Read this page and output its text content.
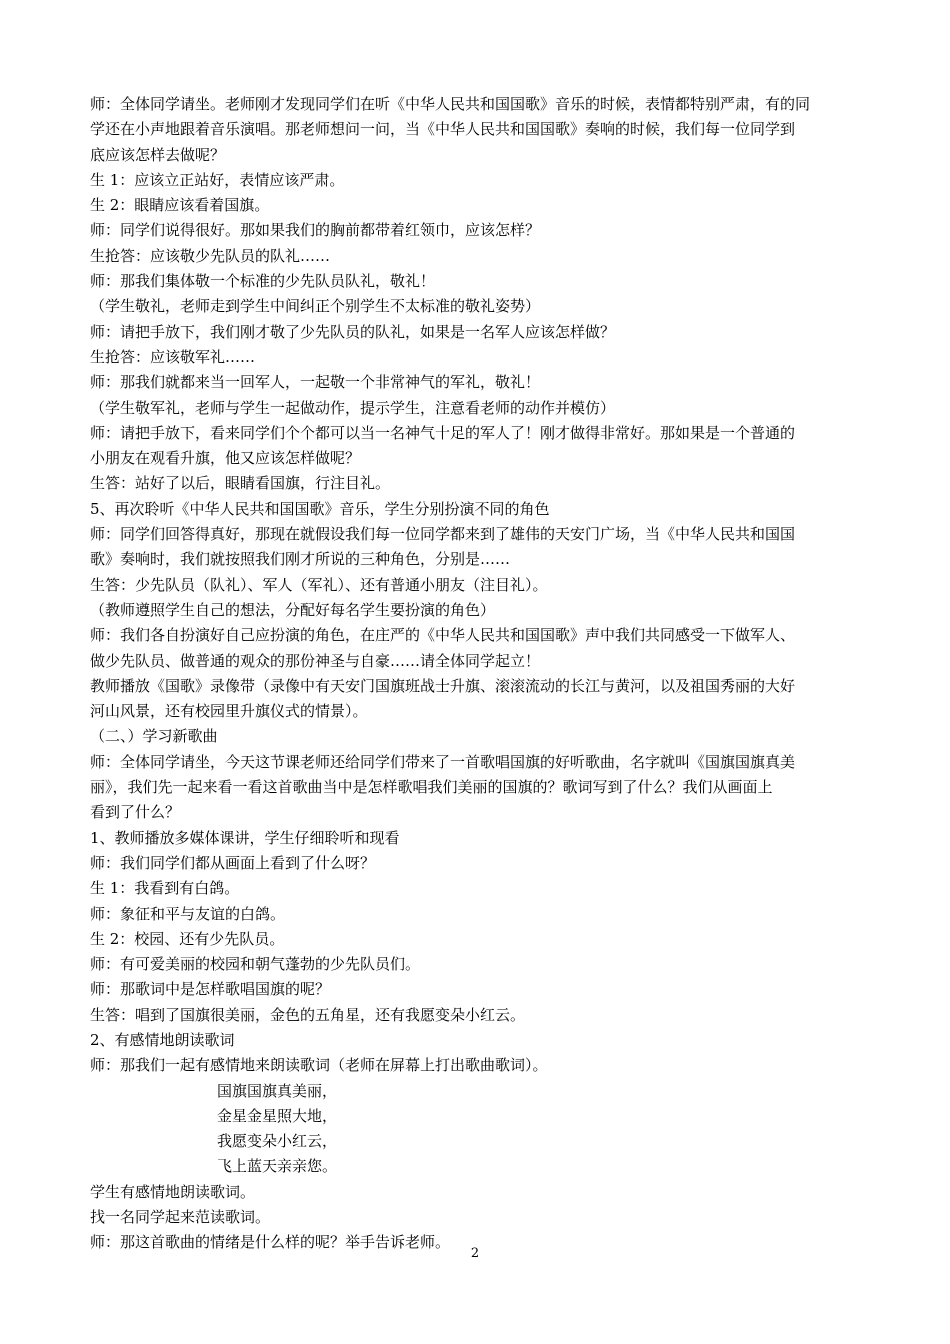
师：全体同学请坐。老师刚才发现同学们在听《中华人民共和国国歌》音乐的时候，表情都特别严肃，有的同
学还在小声地跟着音乐演唱。那老师想问一问，当《中华人民共和国国歌》奏响的时候，我们每一位同学到
底应该怎样去做呢？
生 1：应该立正站好，表情应该严肃。
生 2：眼睛应该看着国旗。
师：同学们说得很好。那如果我们的胸前都带着红领巾，应该怎样？
生抢答：应该敬少先队员的队礼……
师：那我们集体敬一个标准的少先队员队礼，敬礼！
（学生敬礼，老师走到学生中间纠正个别学生不太标准的敬礼姿势）
师：请把手放下，我们刚才敬了少先队员的队礼，如果是一名军人应该怎样做？
生抢答：应该敬军礼……
师：那我们就都来当一回军人，一起敬一个非常神气的军礼，敬礼！
（学生敬军礼，老师与学生一起做动作，提示学生，注意看老师的动作并模仿）
师：请把手放下，看来同学们个个都可以当一名神气十足的军人了！刚才做得非常好。那如果是一个普通的
小朋友在观看升旗，他又应该怎样做呢？
生答：站好了以后，眼睛看国旗，行注目礼。
5、再次聆听《中华人民共和国国歌》音乐，学生分别扮演不同的角色
师：同学们回答得真好，那现在就假设我们每一位同学都来到了雄伟的天安门广场，当《中华人民共和国国
歌》奏响时，我们就按照我们刚才所说的三种角色，分别是……
生答：少先队员（队礼）、军人（军礼）、还有普通小朋友（注目礼）。
（教师遵照学生自己的想法，分配好每名学生要扮演的角色）
师：我们各自扮演好自己应扮演的角色，在庄严的《中华人民共和国国歌》声中我们共同感受一下做军人、
做少先队员、做普通的观众的那份神圣与自豪……请全体同学起立！
教师播放《国歌》录像带（录像中有天安门国旗班战士升旗、滚滚流动的长江与黄河，以及祖国秀丽的大好
河山风景，还有校园里升旗仪式的情景）。
（二、）学习新歌曲
师：全体同学请坐，今天这节课老师还给同学们带来了一首歌唱国旗的好听歌曲，名字就叫《国旗国旗真美
丽》，我们先一起来看一看这首歌曲当中是怎样歌唱我们美丽的国旗的？歌词写到了什么？我们从画面上
看到了什么？
1、教师播放多媒体课讲，学生仔细聆听和现看
师：我们同学们都从画面上看到了什么呀？
生 1：我看到有白鸽。
师：象征和平与友谊的白鸽。
生 2：校园、还有少先队员。
师：有可爱美丽的校园和朝气蓬勃的少先队员们。
师：那歌词中是怎样歌唱国旗的呢？
生答：唱到了国旗很美丽，金色的五角星，还有我愿变朵小红云。
2、有感情地朗读歌词
师：那我们一起有感情地来朗读歌词（老师在屏幕上打出歌曲歌词）。
国旗国旗真美丽，
金星金星照大地，
我愿变朵小红云，
飞上蓝天亲亲您。
学生有感情地朗读歌词。
找一名同学起来范读歌词。
师：那这首歌曲的情绪是什么样的呢？举手告诉老师。
2
